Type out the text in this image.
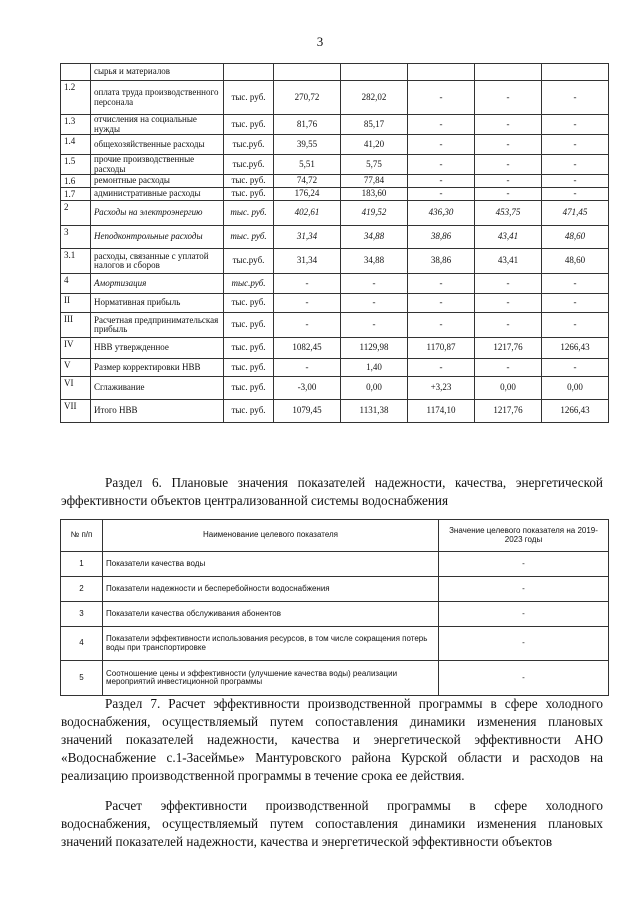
3
	сырья и материалов						
1.2	оплата труда производственного персонала	тыс. руб.	270,72	282,02	-	-	-
1.3	отчисления на социальные нужды	тыс. руб.	81,76	85,17	-	-	-
1.4	общехозяйственные расходы	тыс.руб.	39,55	41,20	-	-	-
1.5	прочие производственные расходы	тыс.руб.	5,51	5,75	-	-	-
1.6	ремонтные расходы	тыс. руб.	74,72	77,84	-	-	-
1.7	административные расходы	тыс. руб.	176,24	183,60	-	-	-
2	Расходы на электроэнергию	тыс. руб.	402,61	419,52	436,30	453,75	471,45
3	Неподконтрольные расходы	тыс. руб.	31,34	34,88	38,86	43,41	48,60
3.1	расходы, связанные с уплатой налогов и сборов	тыс.руб.	31,34	34,88	38,86	43,41	48,60
4	Амортизация	тыс.руб.	-	-	-	-	-
II	Нормативная прибыль	тыс. руб.	-	-	-	-	-
III	Расчетная предпринимательская прибыль	тыс. руб.	-	-	-	-	-
IV	НВВ утвержденное	тыс. руб.	1082,45	1129,98	1170,87	1217,76	1266,43
V	Размер корректировки НВВ	тыс. руб.	-	1,40	-	-	-
VI	Сглаживание	тыс. руб.	-3,00	0,00	+3,23	0,00	0,00
VII	Итого НВВ	тыс. руб.	1079,45	1131,38	1174,10	1217,76	1266,43
Раздел 6. Плановые значения показателей надежности, качества, энергетической эффективности объектов централизованной системы водоснабжения
№ п/п	Наименование целевого показателя	Значение целевого показателя на 2019-2023 годы
1	Показатели качества воды	-
2	Показатели надежности и бесперебойности водоснабжения	-
3	Показатели качества обслуживания абонентов	-
4	Показатели эффективности использования ресурсов, в том числе сокращения потерь воды при транспортировке	-
5	Соотношение цены и эффективности (улучшение качества воды) реализации мероприятий инвестиционной программы	-
Раздел 7. Расчет эффективности производственной программы в сфере холодного водоснабжения, осуществляемый путем сопоставления динамики изменения плановых значений показателей надежности, качества и энергетической эффективности АНО «Водоснабжение с.1-Засеймье» Мантуровского района Курской области и расходов на реализацию производственной программы в течение срока ее действия.
Расчет эффективности производственной программы в сфере холодного водоснабжения, осуществляемый путем сопоставления динамики изменения плановых значений показателей надежности, качества и энергетической эффективности объектов
